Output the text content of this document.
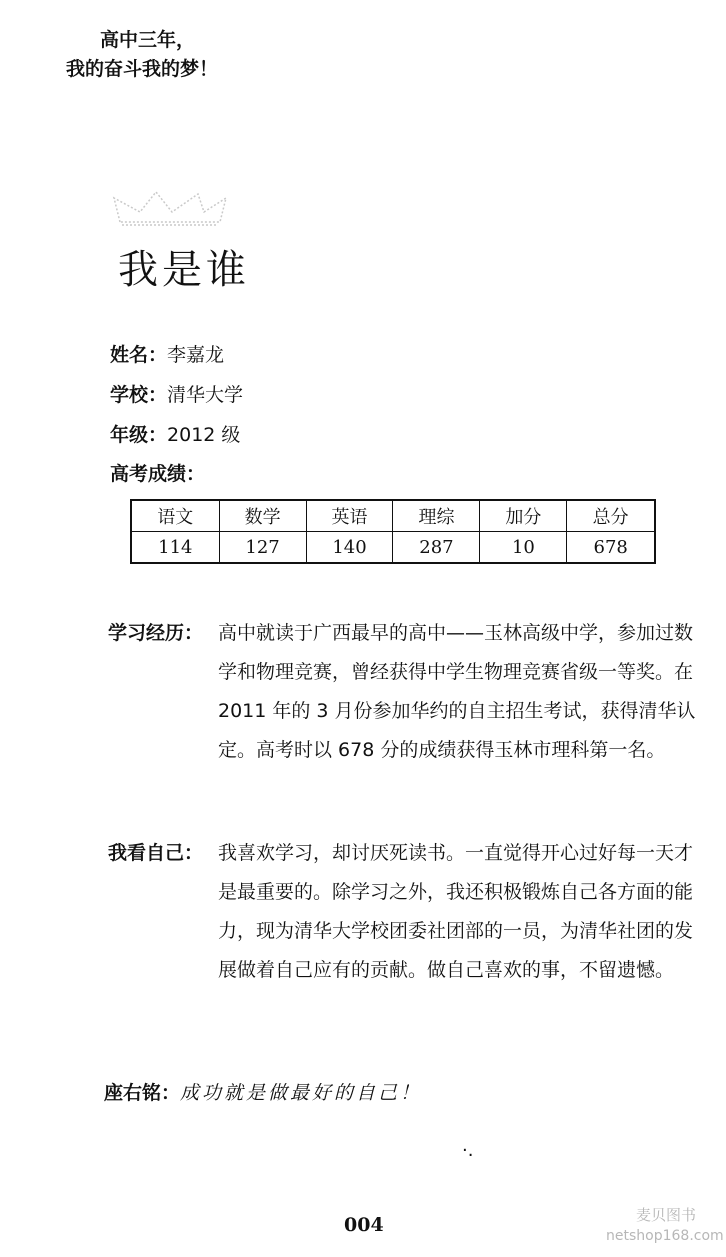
高中三年，
我的奋斗我的梦！
我是谁
姓名：李嘉龙
学校：清华大学
年级：2012 级
高考成绩：
语文	数学	英语	理综	加分	总分
114	127	140	287	10	678
学习经历： 高中就读于广西最早的高中——玉林高级中学，参加过数学和物理竞赛，曾经获得中学生物理竞赛省级一等奖。在 2011 年的 3 月份参加华约的自主招生考试，获得清华认定。高考时以 678 分的成绩获得玉林市理科第一名。
我看自己： 我喜欢学习，却讨厌死读书。一直觉得开心过好每一天才是最重要的。除学习之外，我还积极锻炼自己各方面的能力，现为清华大学校团委社团部的一员，为清华社团的发展做着自己应有的贡献。做自己喜欢的事，不留遗憾。
座右铭：成功就是做最好的自己！
·.
004	麦贝图书
netshop168.com
